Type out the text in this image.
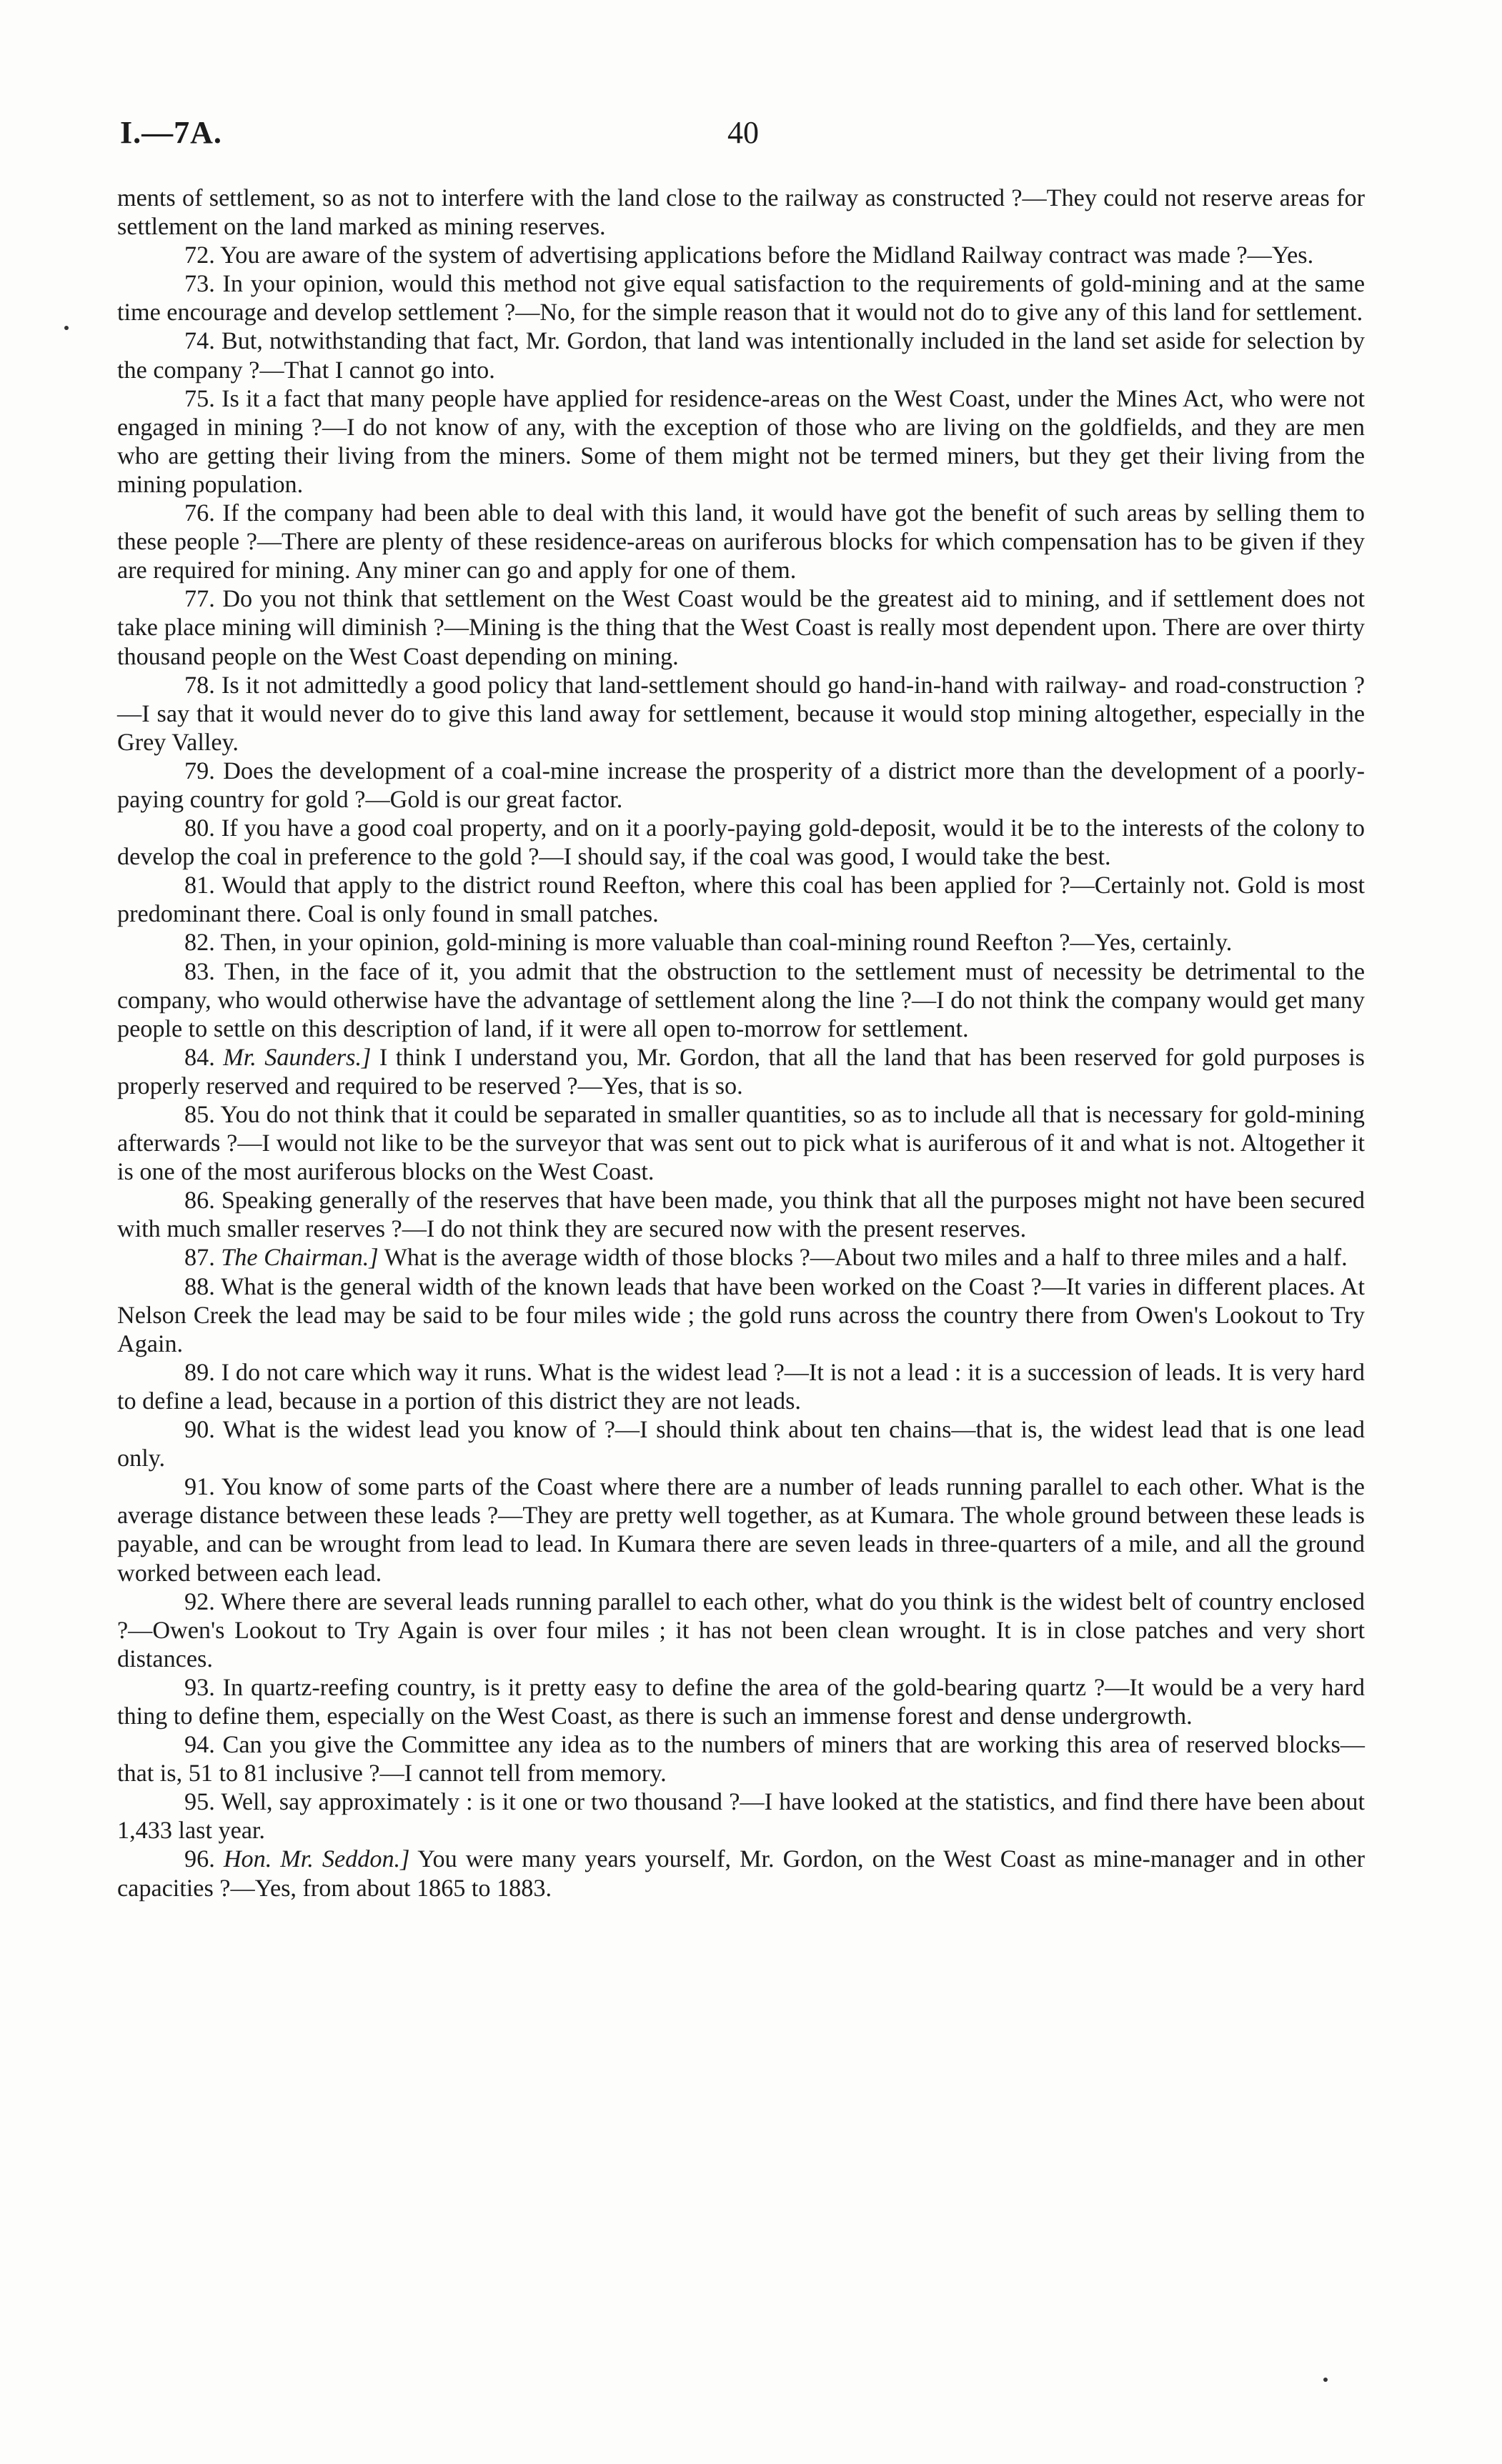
I.—7A.	40

ments of settlement, so as not to interfere with the land close to the railway as constructed ?—They could not reserve areas for settlement on the land marked as mining reserves.

72. You are aware of the system of advertising applications before the Midland Railway contract was made ?—Yes.

73. In your opinion, would this method not give equal satisfaction to the requirements of gold-mining and at the same time encourage and develop settlement ?—No, for the simple reason that it would not do to give any of this land for settlement.

74. But, notwithstanding that fact, Mr. Gordon, that land was intentionally included in the land set aside for selection by the company ?—That I cannot go into.

75. Is it a fact that many people have applied for residence-areas on the West Coast, under the Mines Act, who were not engaged in mining ?—I do not know of any, with the exception of those who are living on the goldfields, and they are men who are getting their living from the miners. Some of them might not be termed miners, but they get their living from the mining population.

76. If the company had been able to deal with this land, it would have got the benefit of such areas by selling them to these people ?—There are plenty of these residence-areas on auriferous blocks for which compensation has to be given if they are required for mining. Any miner can go and apply for one of them.

77. Do you not think that settlement on the West Coast would be the greatest aid to mining, and if settlement does not take place mining will diminish ?—Mining is the thing that the West Coast is really most dependent upon. There are over thirty thousand people on the West Coast depending on mining.

78. Is it not admittedly a good policy that land-settlement should go hand-in-hand with railway- and road-construction ?—I say that it would never do to give this land away for settlement, because it would stop mining altogether, especially in the Grey Valley.

79. Does the development of a coal-mine increase the prosperity of a district more than the development of a poorly-paying country for gold ?—Gold is our great factor.

80. If you have a good coal property, and on it a poorly-paying gold-deposit, would it be to the interests of the colony to develop the coal in preference to the gold ?—I should say, if the coal was good, I would take the best.

81. Would that apply to the district round Reefton, where this coal has been applied for ?—Certainly not. Gold is most predominant there. Coal is only found in small patches.

82. Then, in your opinion, gold-mining is more valuable than coal-mining round Reefton ?—Yes, certainly.

83. Then, in the face of it, you admit that the obstruction to the settlement must of necessity be detrimental to the company, who would otherwise have the advantage of settlement along the line ?—I do not think the company would get many people to settle on this description of land, if it were all open to-morrow for settlement.

84. Mr. Saunders.] I think I understand you, Mr. Gordon, that all the land that has been reserved for gold purposes is properly reserved and required to be reserved ?—Yes, that is so.

85. You do not think that it could be separated in smaller quantities, so as to include all that is necessary for gold-mining afterwards ?—I would not like to be the surveyor that was sent out to pick what is auriferous of it and what is not. Altogether it is one of the most auriferous blocks on the West Coast.

86. Speaking generally of the reserves that have been made, you think that all the purposes might not have been secured with much smaller reserves ?—I do not think they are secured now with the present reserves.

87. The Chairman.] What is the average width of those blocks ?—About two miles and a half to three miles and a half.

88. What is the general width of the known leads that have been worked on the Coast ?—It varies in different places. At Nelson Creek the lead may be said to be four miles wide ; the gold runs across the country there from Owen's Lookout to Try Again.

89. I do not care which way it runs. What is the widest lead ?—It is not a lead : it is a succession of leads. It is very hard to define a lead, because in a portion of this district they are not leads.

90. What is the widest lead you know of ?—I should think about ten chains—that is, the widest lead that is one lead only.

91. You know of some parts of the Coast where there are a number of leads running parallel to each other. What is the average distance between these leads ?—They are pretty well together, as at Kumara. The whole ground between these leads is payable, and can be wrought from lead to lead. In Kumara there are seven leads in three-quarters of a mile, and all the ground worked between each lead.

92. Where there are several leads running parallel to each other, what do you think is the widest belt of country enclosed ?—Owen's Lookout to Try Again is over four miles ; it has not been clean wrought. It is in close patches and very short distances.

93. In quartz-reefing country, is it pretty easy to define the area of the gold-bearing quartz ?—It would be a very hard thing to define them, especially on the West Coast, as there is such an immense forest and dense undergrowth.

94. Can you give the Committee any idea as to the numbers of miners that are working this area of reserved blocks—that is, 51 to 81 inclusive ?—I cannot tell from memory.

95. Well, say approximately : is it one or two thousand ?—I have looked at the statistics, and find there have been about 1,433 last year.

96. Hon. Mr. Seddon.] You were many years yourself, Mr. Gordon, on the West Coast as mine-manager and in other capacities ?—Yes, from about 1865 to 1883.
